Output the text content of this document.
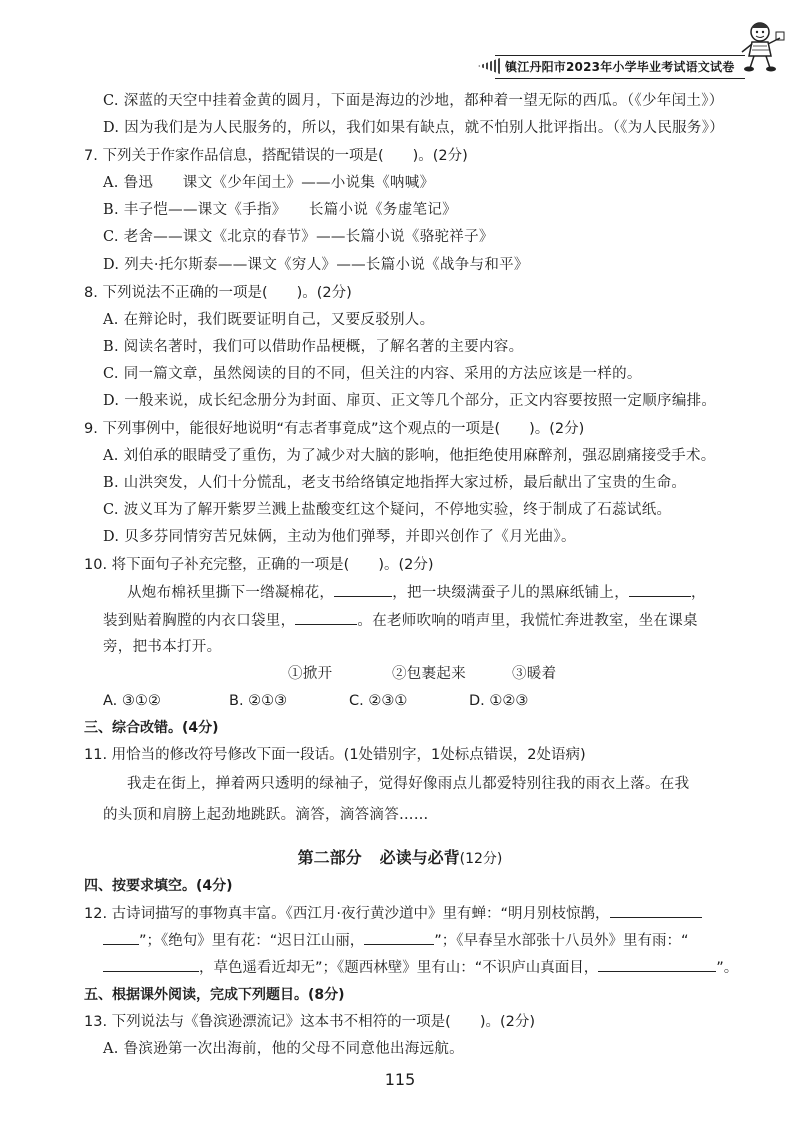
镇江丹阳市2023年小学毕业考试语文试卷
C. 深蓝的天空中挂着金黄的圆月，下面是海边的沙地，都种着一望无际的西瓜。（《少年闰土》）
D. 因为我们是为人民服务的，所以，我们如果有缺点，就不怕别人批评指出。（《为人民服务》）
7. 下列关于作家作品信息，搭配错误的一项是(　　)。(2分)
A. 鲁迅　　课文《少年闰土》——小说集《呐喊》
B. 丰子恺——课文《手指》　　长篇小说《务虚笔记》
C. 老舍——课文《北京的春节》——长篇小说《骆驼祥子》
D. 列夫·托尔斯泰——课文《穷人》——长篇小说《战争与和平》
8. 下列说法不正确的一项是(　　)。(2分)
A. 在辩论时，我们既要证明自己，又要反驳别人。
B. 阅读名著时，我们可以借助作品梗概，了解名著的主要内容。
C. 同一篇文章，虽然阅读的目的不同，但关注的内容、采用的方法应该是一样的。
D. 一般来说，成长纪念册分为封面、扉页、正文等几个部分，正文内容要按照一定顺序编排。
9. 下列事例中，能很好地说明“有志者事竟成”这个观点的一项是(　　)。(2分)
A. 刘伯承的眼睛受了重伤，为了减少对大脑的影响，他拒绝使用麻醉剂，强忍剧痛接受手术。
B. 山洪突发，人们十分慌乱，老支书给络镇定地指挥大家过桥，最后献出了宝贵的生命。
C. 波义耳为了解开紫罗兰溅上盐酸变红这个疑问，不停地实验，终于制成了石蕊试纸。
D. 贝多芬同情穷苦兄妹俩，主动为他们弹琴，并即兴创作了《月光曲》。
10. 将下面句子补充完整，正确的一项是(　　)。(2分)
从炮布棉袄里撕下一绺凝棉花，	，把一块缀满蚕子儿的黑麻纸铺上，	，
装到贴着胸膛的内衣口袋里，	。在老师吹响的哨声里，我慌忙奔进教室，坐在课桌
旁，把书本打开。
①掀开	②包裹起来	③暖着
A. ③①②	B. ②①③	C. ②③①	D. ①②③
三、综合改错。(4分)
11. 用恰当的修改符号修改下面一段话。(1处错别字，1处标点错误，2处语病)
我走在街上，掸着两只透明的绿袖子，觉得好像雨点儿都爱特别往我的雨衣上落。在我
的头顶和肩膀上起劲地跳跃。滴答，滴答滴答……
第二部分 必读与必背(12分)
四、按要求填空。(4分)
12. 古诗词描写的事物真丰富。《西江月·夜行黄沙道中》里有蝉：“明月别枝惊鹊，
”；《绝句》里有花：“迟日江山丽，	”；《早春呈水部张十八员外》里有雨：“
，草色遥看近却无”；《题西林壁》里有山：“不识庐山真面目，	”。
五、根据课外阅读，完成下列题目。(8分)
13. 下列说法与《鲁滨逊漂流记》这本书不相符的一项是(　　)。(2分)
A. 鲁滨逊第一次出海前，他的父母不同意他出海远航。
115
